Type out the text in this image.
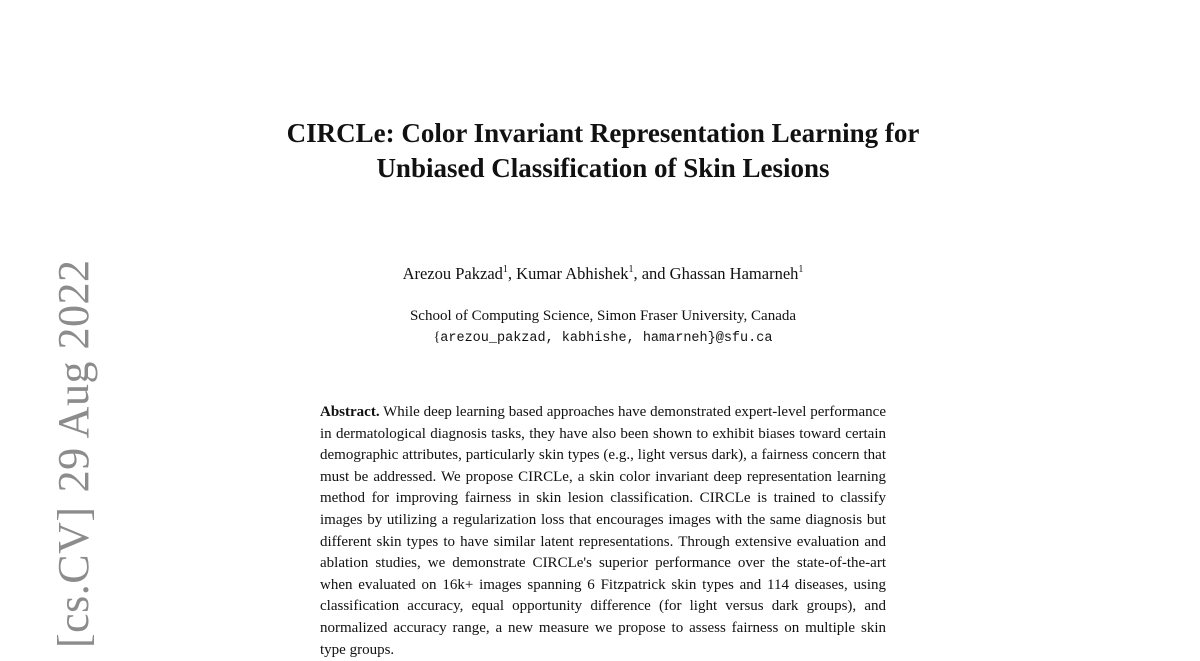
[cs.CV]29 Aug 2022
CIRCLe: Color Invariant Representation Learning for Unbiased Classification of Skin Lesions
Arezou Pakzad$^1$, Kumar Abhishek$^1$, and Ghassan Hamarneh$^1$
School of Computing Science, Simon Fraser University, Canada
{arezou_pakzad, kabhishe, hamarneh}@sfu.ca

Abstract. While deep learning based approaches have demonstrated expert-level performance in dermatological diagnosis tasks, they have also been shown to exhibit biases toward certain demographic attributes, particularly skin types (e.g., light versus dark), a fairness concern that must be addressed. We propose CIRCLe, a skin color invariant deep representation learning method for improving fairness in skin lesion classification. CIRCLe is trained to classify images by utilizing a regularization loss that encourages images with the same diagnosis but different skin types to have similar latent representations. Through extensive evaluation and ablation studies, we demonstrate CIRCLe's superior performance over the state-of-the-art when evaluated on 16k+ images spanning 6 Fitzpatrick skin types and 114 diseases, using classification accuracy, equal opportunity difference (for light versus dark groups), and normalized accuracy range, a new measure we propose to assess fairness on multiple skin type groups.
